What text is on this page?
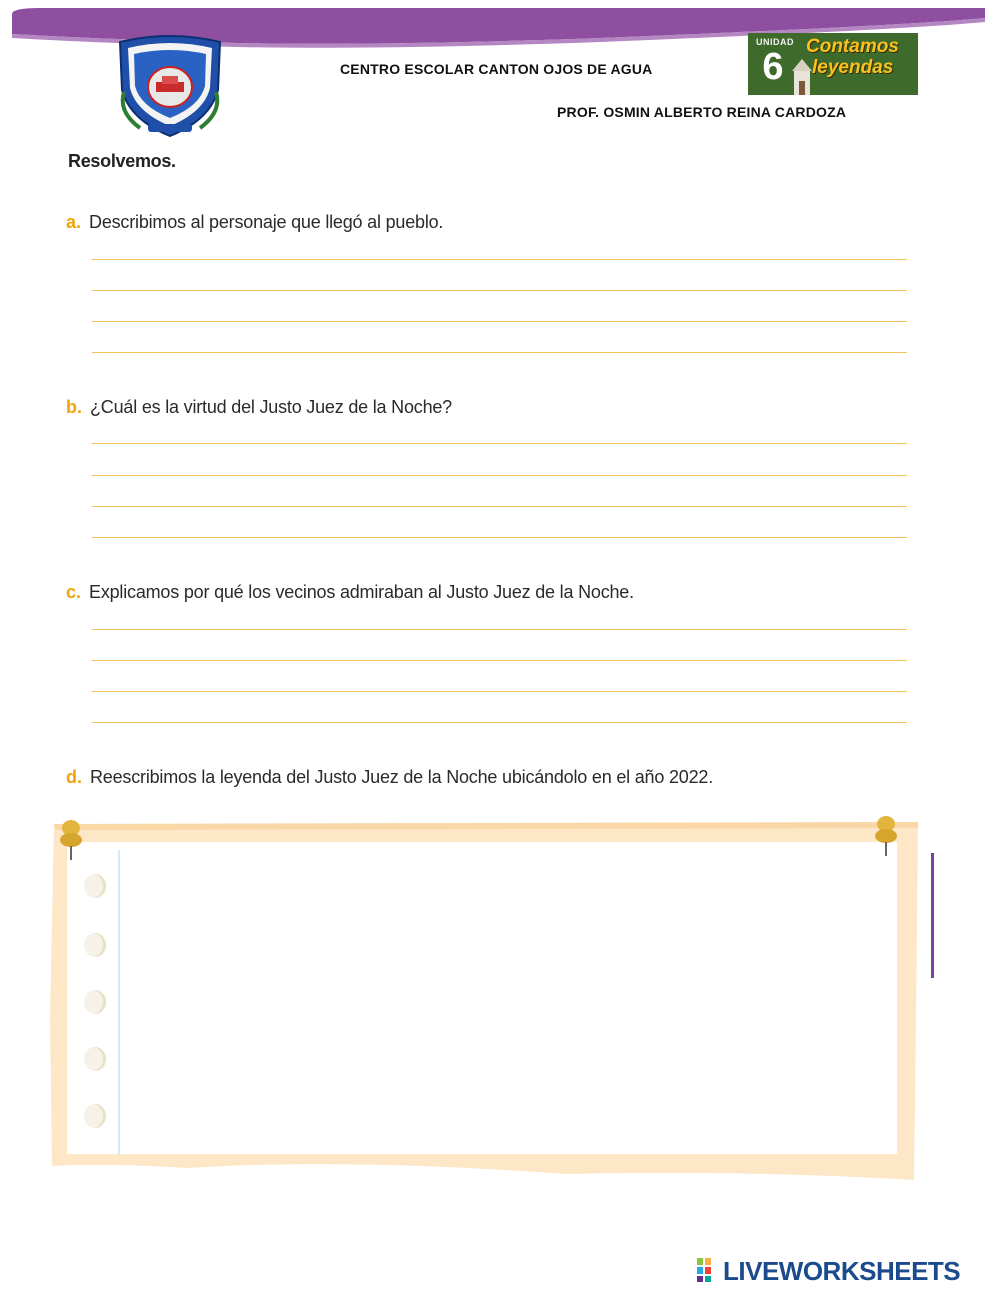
CENTRO ESCOLAR CANTON OJOS DE AGUA
PROF. OSMIN ALBERTO REINA CARDOZA
UNIDAD
6 Contamos
leyendas
Resolvemos.
a. Describimos al personaje que llegó al pueblo.
b. ¿Cuál es la virtud del Justo Juez de la Noche?
c. Explicamos por qué los vecinos admiraban al Justo Juez de la Noche.
d. Reescribimos la leyenda del Justo Juez de la Noche ubicándolo en el año 2022.
LIVEWORKSHEETS
